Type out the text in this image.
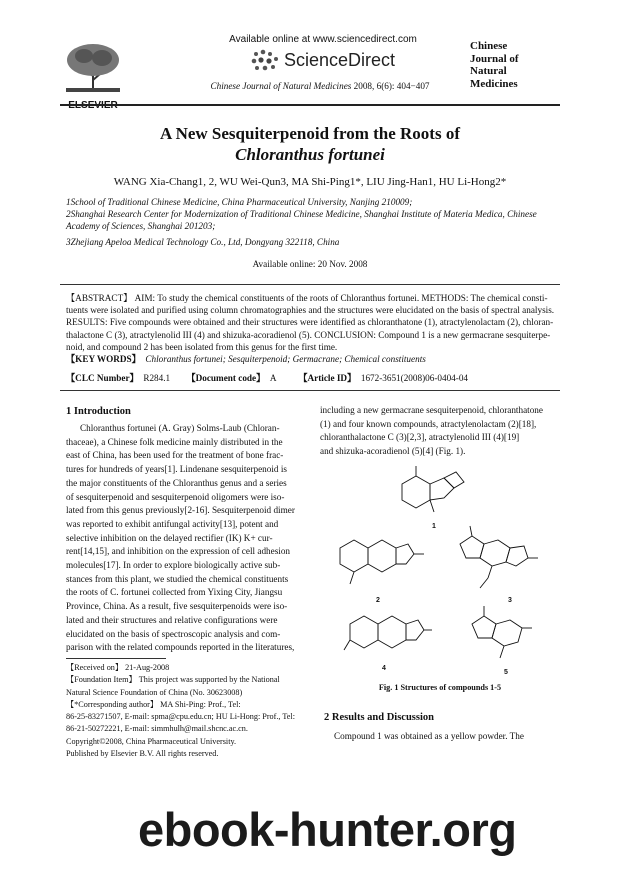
ELSEVIER
Available online at www.sciencedirect.com
ScienceDirect
Chinese Journal of Natural Medicines 2008, 6(6): 404−407
Chinese
Journal of
Natural
Medicines
A New Sesquiterpenoid from the Roots of
Chloranthus fortunei
WANG Xia-Chang1, 2, WU Wei-Qun3, MA Shi-Ping1*, LIU Jing-Han1, HU Li-Hong2*
1School of Traditional Chinese Medicine, China Pharmaceutical University, Nanjing 210009;
2Shanghai Research Center for Modernization of Traditional Chinese Medicine, Shanghai Institute of Materia Medica, Chinese
Academy of Sciences, Shanghai 201203;
3Zhejiang Apeloa Medical Technology Co., Ltd, Dongyang 322118, China
Available online: 20 Nov. 2008
【ABSTRACT】 AIM: To study the chemical constituents of the roots of Chloranthus fortunei. METHODS: The chemical consti-
tuents were isolated and purified using column chromatographies and the structures were elucidated on the basis of spectral analysis.
RESULTS: Five compounds were obtained and their structures were identified as chloranthatone (1), atractylenolactam (2), chloran-
thalactone C (3), atractylenolid III (4) and shizuka-acoradienol (5). CONCLUSION: Compound 1 is a new germacrane sesquiterpe-
noid, and compound 2 has been isolated from this genus for the first time.
【KEY WORDS】 Chloranthus fortunei; Sesquiterpenoid; Germacrane; Chemical constituents
【CLC Number】 R284.1 【Document code】 A 【Article ID】 1672-3651(2008)06-0404-04
1 Introduction
Chloranthus fortunei (A. Gray) Solms-Laub (Chloran-
thaceae), a Chinese folk medicine mainly distributed in the
east of China, has been used for the treatment of bone frac-
tures for hundreds of years[1]. Lindenane sesquiterpenoid is
the major constituents of the Chloranthus genus and a series
of sesquiterpenoid and sesquiterpenoid oligomers were iso-
lated from this genus previously[2-16]. Sesquiterpenoid dimer
was reported to exhibit antifungal activity[13], potent and
selective inhibition on the delayed rectifier (IK) K+ cur-
rent[14,15], and inhibition on the expression of cell adhesion
molecules[17]. In order to explore biologically active sub-
stances from this plant, we studied the chemical constituents
the roots of C. fortunei collected from Yixing City, Jiangsu
Province, China. As a result, five sesquiterpenoids were iso-
lated and their structures and relative configurations were
elucidated on the basis of spectroscopic analysis and com-
parison with the related compounds reported in the literatures,
【Received on】 21-Aug-2008
【Foundation Item】 This project was supported by the National
Natural Science Foundation of China (No. 30623008)
【*Corresponding author】 MA Shi-Ping: Prof., Tel:
86-25-83271507, E-mail: spma@cpu.edu.cn; HU Li-Hong: Prof., Tel:
86-21-50272221, E-mail: simmhulh@mail.shcnc.ac.cn.
Copyright©2008, China Pharmaceutical University.
Published by Elsevier B.V. All rights reserved.
including a new germacrane sesquiterpenoid, chloranthatone
(1) and four known compounds, atractylenolactam (2)[18],
chloranthalactone C (3)[2,3], atractylenolid III (4)[19]
and shizuka-acoradienol (5)[4] (Fig. 1).
1
2	3
4
5
Fig. 1 Structures of compounds 1-5
2 Results and Discussion
Compound 1 was obtained as a yellow powder. The
ebook-hunter.org
